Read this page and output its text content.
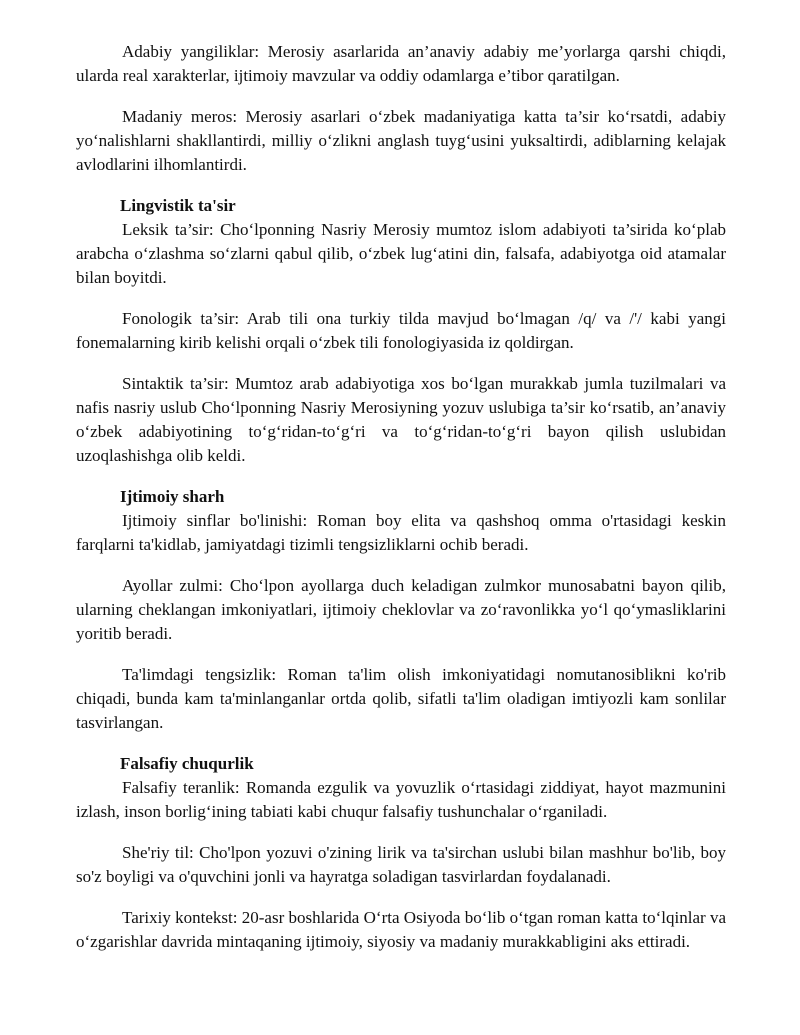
Adabiy yangiliklar: Merosiy asarlarida an’anaviy adabiy me’yorlarga qarshi chiqdi, ularda real xarakterlar, ijtimoiy mavzular va oddiy odamlarga e’tibor qaratilgan.

Madaniy meros: Merosiy asarlari oʻzbek madaniyatiga katta ta’sir koʻrsatdi, adabiy yoʻnalishlarni shakllantirdi, milliy oʻzlikni anglash tuygʻusini yuksaltirdi, adiblarning kelajak avlodlarini ilhomlantirdi.

Lingvistik ta'sir

Leksik ta’sir: Choʻlponning Nasriy Merosiy mumtoz islom adabiyoti ta’sirida koʻplab arabcha oʻzlashma soʻzlarni qabul qilib, oʻzbek lugʻatini din, falsafa, adabiyotga oid atamalar bilan boyitdi.

Fonologik ta’sir: Arab tili ona turkiy tilda mavjud boʻlmagan /q/ va /'/ kabi yangi fonemalarning kirib kelishi orqali oʻzbek tili fonologiyasida iz qoldirgan.

Sintaktik ta’sir: Mumtoz arab adabiyotiga xos boʻlgan murakkab jumla tuzilmalari va nafis nasriy uslub Choʻlponning Nasriy Merosiyning yozuv uslubiga ta’sir koʻrsatib, an’anaviy oʻzbek adabiyotining toʻgʻridan-toʻgʻri va toʻgʻridan-toʻgʻri bayon qilish uslubidan uzoqlashishga olib keldi.

Ijtimoiy sharh

Ijtimoiy sinflar bo'linishi: Roman boy elita va qashshoq omma o'rtasidagi keskin farqlarni ta'kidlab, jamiyatdagi tizimli tengsizliklarni ochib beradi.

Ayollar zulmi: Choʻlpon ayollarga duch keladigan zulmkor munosabatni bayon qilib, ularning cheklangan imkoniyatlari, ijtimoiy cheklovlar va zoʻravonlikka yoʻl qoʻymasliklarini yoritib beradi.

Ta'limdagi tengsizlik: Roman ta'lim olish imkoniyatidagi nomutanosiblikni ko'rib chiqadi, bunda kam ta'minlanganlar ortda qolib, sifatli ta'lim oladigan imtiyozli kam sonlilar tasvirlangan.

Falsafiy chuqurlik

Falsafiy teranlik: Romanda ezgulik va yovuzlik oʻrtasidagi ziddiyat, hayot mazmunini izlash, inson borligʻining tabiati kabi chuqur falsafiy tushunchalar oʻrganiladi.

She'riy til: Cho'lpon yozuvi o'zining lirik va ta'sirchan uslubi bilan mashhur bo'lib, boy so'z boyligi va o'quvchini jonli va hayratga soladigan tasvirlardan foydalanadi.

Tarixiy kontekst: 20-asr boshlarida Oʻrta Osiyoda boʻlib oʻtgan roman katta toʻlqinlar va oʻzgarishlar davrida mintaqaning ijtimoiy, siyosiy va madaniy murakkabligini aks ettiradi.
